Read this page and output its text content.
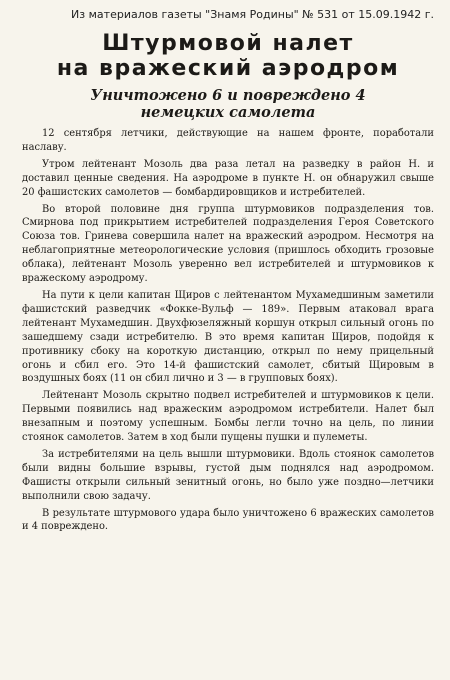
Из материалов газеты "Знамя Родины" № 531 от 15.09.1942 г.
Штурмовой налет
на вражеский аэродром
Уничтожено 6 и повреждено 4
немецких самолета

12 сентября летчики, действующие на нашем фронте, поработали наславу.

Утром лейтенант Мозоль два раза летал на разведку в район Н. и доставил ценные сведения. На аэродроме в пункте Н. он обнаружил свыше 20 фашистских самолетов — бомбардировщиков и истребителей.

Во второй половине дня группа штурмовиков подразделения тов. Смирнова под прикрытием истребителей подразделения Героя Советского Союза тов. Гринева совершила налет на вражеский аэродром. Несмотря на неблагоприятные метеорологические условия (пришлось обходить грозовые облака), лейтенант Мозоль уверенно вел истребителей и штурмовиков к вражескому аэродрому.

На пути к цели капитан Щиров с лейтенантом Мухамедшиным заметили фашистский разведчик «Фокке-Вульф — 189». Первым атаковал врага лейтенант Мухамедшин. Двухфюзеляжный коршун открыл сильный огонь по зашедшему сзади истребителю. В это время капитан Щиров, подойдя к противнику сбоку на короткую дистанцию, открыл по нему прицельный огонь и сбил его. Это 14-й фашистский самолет, сбитый Щировым в воздушных боях (11 он сбил лично и 3 — в групповых боях).

Лейтенант Мозоль скрытно подвел истребителей и штурмовиков к цели. Первыми появились над вражеским аэродромом истребители. Налет был внезапным и поэтому успешным. Бомбы легли точно на цель, по линии стоянок самолетов. Затем в ход были пущены пушки и пулеметы.

За истребителями на цель вышли штурмовики. Вдоль стоянок самолетов были видны большие взрывы, густой дым поднялся над аэродромом. Фашисты открыли сильный зенитный огонь, но было уже поздно—летчики выполнили свою задачу.

В результате штурмового удара было уничтожено 6 вражеских самолетов и 4 повреждено.
